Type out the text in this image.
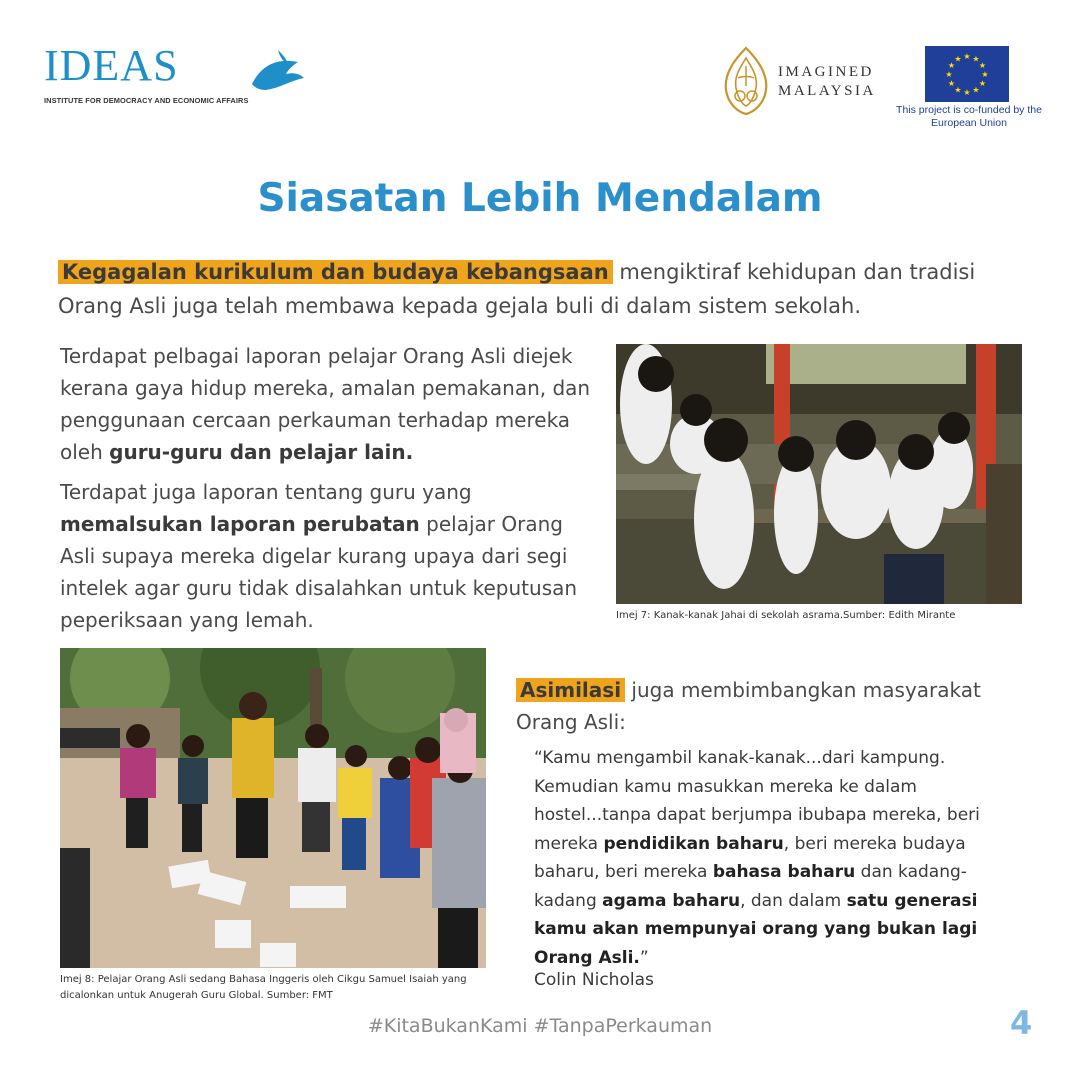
IDEAS
INSTITUTE FOR DEMOCRACY AND ECONOMIC AFFAIRS
IMAGINED
MALAYSIA
★ ★
★
★
★
★
★
★
★
★
★
★
This project is co-funded by the European Union
Siasatan Lebih Mendalam
Kegagalan kurikulum dan budaya kebangsaan mengiktiraf kehidupan dan tradisi Orang Asli juga telah membawa kepada gejala buli di dalam sistem sekolah.

Terdapat pelbagai laporan pelajar Orang Asli diejek kerana gaya hidup mereka, amalan pemakanan, dan penggunaan cercaan perkauman terhadap mereka oleh guru-guru dan pelajar lain.

Terdapat juga laporan tentang guru yang memalsukan laporan perubatan pelajar Orang Asli supaya mereka digelar kurang upaya dari segi intelek agar guru tidak disalahkan untuk keputusan peperiksaan yang lemah.	Imej 7: Kanak-kanak Jahai di sekolah asrama.Sumber: Edith Mirante
Imej 8: Pelajar Orang Asli sedang Bahasa Inggeris oleh Cikgu Samuel Isaiah yang dicalonkan untuk Anugerah Guru Global. Sumber: FMT
Asimilasi juga membimbangkan masyarakat Orang Asli:
“Kamu mengambil kanak-kanak...dari kampung. Kemudian kamu masukkan mereka ke dalam hostel...tanpa dapat berjumpa ibubapa mereka, beri mereka pendidikan baharu, beri mereka budaya baharu, beri mereka bahasa baharu dan kadang-kadang agama baharu, dan dalam satu generasi kamu akan mempunyai orang yang bukan lagi Orang Asli.”
Colin Nicholas
#KitaBukanKami #TanpaPerkauman	4
